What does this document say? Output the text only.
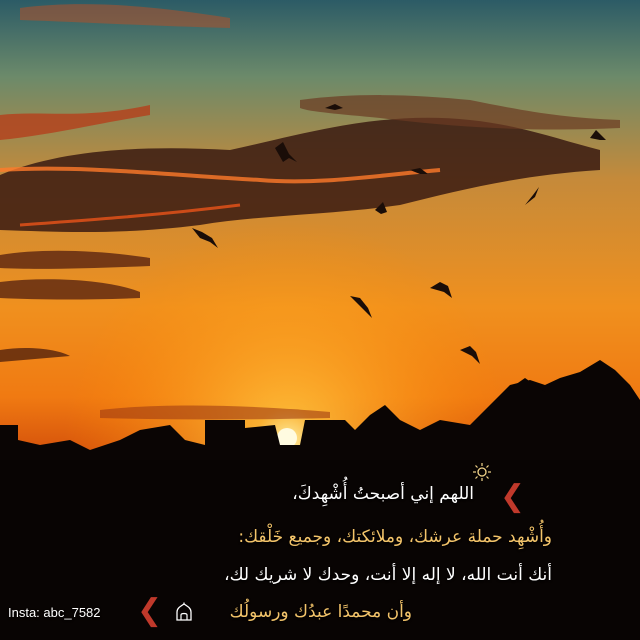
❮
❮
اللهم إني أصبحتُ أُشْهِدكَ،
وأُشْهِد حملة عرشك، وملائكتك، وجميع خَلْقك:
أنك أنت الله، لا إله إلا أنت، وحدك لا شريك لك،
وأن محمدًا عبدُك ورسولُك
Insta: abc_7582
